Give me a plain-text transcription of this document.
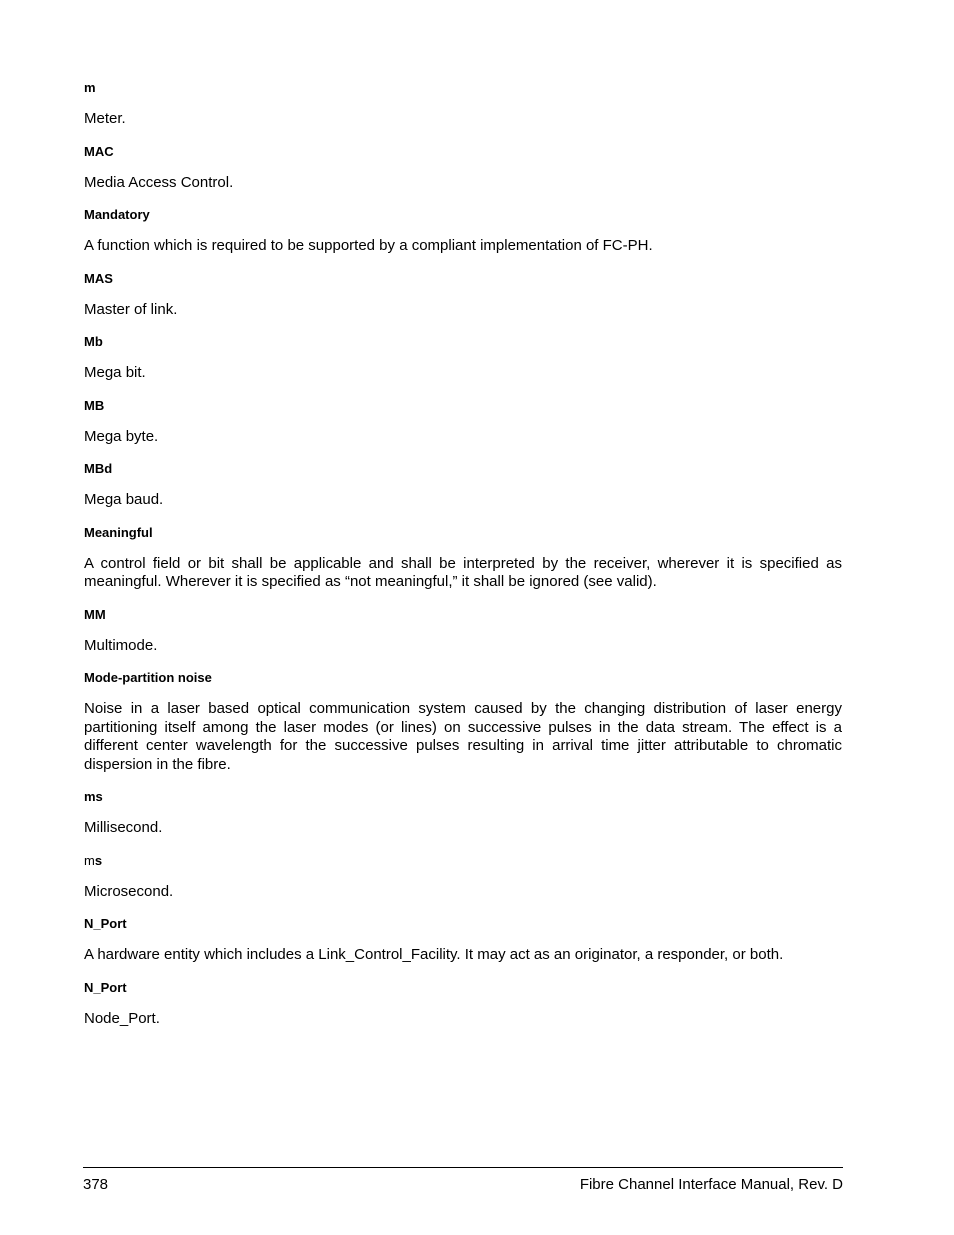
m
Meter.
MAC
Media Access Control.
Mandatory
A function which is required to be supported by a compliant implementation of FC-PH.
MAS
Master of link.
Mb
Mega bit.
MB
Mega byte.
MBd
Mega baud.
Meaningful
A control field or bit shall be applicable and shall be interpreted by the receiver, wherever it is specified as meaningful. Wherever it is specified as “not meaningful,” it shall be ignored (see valid).
MM
Multimode.
Mode-partition noise
Noise in a laser based optical communication system caused by the changing distribution of laser energy partitioning itself among the laser modes (or lines) on successive pulses in the data stream. The effect is a different center wavelength for the successive pulses resulting in arrival time jitter attributable to chromatic dispersion in the fibre.
ms
Millisecond.
ms
Microsecond.
N_Port
A hardware entity which includes a Link_Control_Facility. It may act as an originator, a responder, or both.
N_Port
Node_Port.
378	Fibre Channel Interface Manual, Rev. D
